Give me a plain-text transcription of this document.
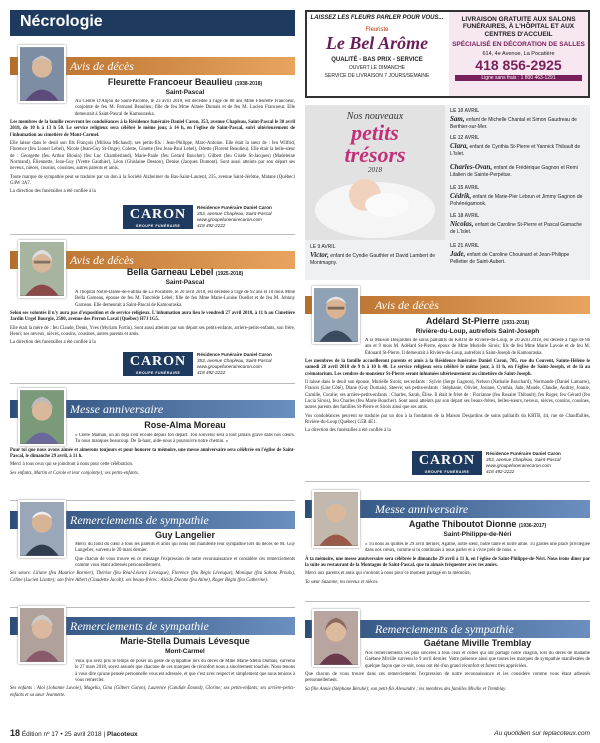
Nécrologie	LAISSEZ LES FLEURS PARLER POUR VOUS...
Fleuriste
Le Bel Arôme
QUALITÉ - BAS PRIX - SERVICE
OUVERT LE DIMANCHE
SERVICE DE LIVRAISON 7 JOURS/SEMAINE
LIVRAISON GRATUITE AUX SALONS FUNÉRAIRES, À L'HÔPITAL ET AUX CENTRES D'ACCUEIL
SPÉCIALISÉ EN DÉCORATION DE SALLES
614, 4e Avenue, La Pocatière
418 856-2925
Ligne sans frais : 1 800 463-1291
Avis de décès
Fleurette Francoeur Beaulieu (1938-2018)
Saint-Pascal

Au Centre D'Anjou de Saint-Pacôme, le 23 avril 2018, est décédée à l'âge de 80 ans Mme Fleurette Francoeur, conjointe de feu M. Fernand Beaulieu; fille de feu Mme Aimée Dumais et de feu M. Lucien Francoeur. Elle demeurait à Saint-Pascal de Kamouraska.

Les membres de la famille recevront les condoléances à la Résidence funéraire Daniel Caron, 353, avenue Chapleau, Saint-Pascal le 30 avril 2018, de 10 h à 13 h 50. Le service religieux sera célébré le même jour, à 14 h, en l'église de Saint-Pascal, suivi ultérieurement de l'inhumation au cimetière de Mont-Carmel.

Elle laisse dans le deuil son fils François (Milissa Michaud); ses petits-fils : Jean-Philippe, Marc-Antoine. Elle était la sœur de : feu Wilfrid, Florence (feu Lionel Lebel), Nicole (Jean-Guy St-Onge), Colette, Ginette (feu Jean-Paul Lebel), Odette (Florent Beaulieu). Elle était la belle-sœur de : Georgette (feu Arthur Blouin) (feu Luc Chamberland), Marie-Paule (feu Gérard Boucher). Gilbert (feu Gisèle St-Jacques) (Madeleine Normand), Éliennette, Jean-Guy (Yvette Gauthier), Léon (Ghislaine Desson), Denise (Jacques Dumont). Sont aussi atteints par son départ ses neveux, nièces, cousins, cousines, autres parents et amis.

Toute marque de sympathie peut se traduire par un don à la Société Alzheimer du Bas-Saint-Laurent, 235, avenue Saint-Jérôme, Matane (Québec) G4W 3A7.

La direction des funérailles a été confiée à la

CARON
GROUPE FUNÉRAIRE
Résidence Funéraire Daniel Caron
353, avenue Chapleau, Saint-Pascal
www.groupefunerairecaron.com
418 492-2222
Avis de décès
Bella Garneau Lebel (1925-2018)
Saint-Pascal

À l'hôpital Notre-Dame-de-Fatima de La Pocatière, le 20 avril 2018, est décédée à l'âge de 92 ans et 10 mois Mme Bella Garneau, épouse de feu M. Tancrède Lebel; fille de feu Mme Marie-Louise Ouellet et de feu M. Johnny Garneau. Elle demeurait à Saint-Pascal de Kamouraska.

Selon ses volontés il n'y aura pas d'exposition et de service religieux. L'inhumation aura lieu le vendredi 27 avril 2018, à 11 h au Cimetière Jardin Urgel Bourgie, 2500, avenue des Perron Laval (Québec) H7J 1G5.

Elle était la mère de : feu Claude, Denis, Yves (Myriam Fortin). Sont aussi atteints par son départ ses petits-enfants, arrière-petits-enfants, son frère, Henri; ses neveux, nièces, cousins, cousines, autres parents et amis.

La direction des funérailles a été confiée à la

CARON
GROUPE FUNÉRAIRE
Résidence Funéraire Daniel Caron
353, avenue Chapleau, Saint-Pascal
www.groupefunerairecaron.com
418 492-2222
Messe anniversaire
Rose-Alma Moreau

« Chère Maman, un an déjà s'est écoulé depuis ton départ. Ton souvenir sera à tout jamais gravé dans nos cœurs. Tu nous manques beaucoup. De là-haut, aide-nous à poursuivre notre chemin. »

Pour toi que nous avons aimée et aimerons toujours et pour honorer ta mémoire, une messe anniversaire sera célébrée en l'église de Saint-Pascal, le dimanche 29 avril, à 11 h.

Merci à tous ceux qui se joindront à nous pour cette célébration.

Ses enfants, Martin et Carole et leur conjoint(e); ses petits-enfants.

Remerciements de sympathie
Guy Langelier

Merci du fond du cœur à tous les parents et amis qui nous ont manifesté leur sympathie lors du décès de M. Guy Langelier, survenu le 20 mars dernier.

Que chacun de vous trouve en ce message l'expression de notre reconnaissance et considère ces remerciements comme vous étant adressés personnellement.

Ses sœurs: Liliane (feu Maurice Barnier), Thérèse (feu Réal-Léonce Lévesque), Florence (feu Régis Lévesque), Monique (feu Sabota Proulx), Céline (Lucien Lizotte); son frère Albert (Claudette Jacob); ses beaux-frères : Alcide Dionne (feu Aline), Roger Bégin (feu Catherine).

Remerciements de sympathie
Marie-Stella Dumais Lévesque
Mont-Carmel

Vous qui avez pris le temps de poser un geste de sympathie lors du décès de Mme Marie-Stella Dumais, survenu le 27 mars 2018, soyez assurés que chacune de ces marques de réconfort nous a sincèrement touchés. Nous tenons à vous dire qu'une pensée personnelle vous est adressée, et que c'est avec respect et simplement que nous tenions à vous remercier.

Ses enfants : Aloï (Johanne Lavoie), Magella, Gina (Gilbert Garon), Laurence (Candide Émond), Glorine; ses petits-enfants; ses arrière-petits-enfants et sa sœur Jeannette.

Nos nouveaux
petits
trésors
2018
LE 9 AVRIL
Victor, enfant de Cyndie Gauthier et David Lambert de Montmagny.
LE 10 AVRIL
Sam, enfant de Michelle Chantal et Simon Gaudreau de Berthier-sur-Mer.
LE 12 AVRIL
Clara, enfant de Cynthia St-Pierre et Yannick Thibault de L'Islet.
Charles-Ovan, enfant de Frédérique Gagnon et Remi Litalien de Sainte-Perpétue.
LE 15 AVRIL
Cédrik, enfant de Marie-Pier Lebrun et Jimmy Gagnon de Pohénégamook.
LE 18 AVRIL
Nicolas, enfant de Caroline St-Pierre et Pascal Gamache de L'Islet.
LE 21 AVRIL
Jade, enfant de Caroline Chouinard et Jean-Philippe Pelletier de Saint-Aubert.
Avis de décès
Adélard St-Pierre (1931-2018)
Rivière-du-Loup, autrefois Saint-Joseph

À la Maison Desjardins de soins palliatifs du KRTB de Rivière-du-Loup, le 20 avril 2018, est décédé à l'âge de 86 ans et 9 mois M. Adélard St-Pierre, époux de Mme Murielle Sirois; fils de feu Mme Marie Lavoie et de feu M. Édouard St-Pierre. Il demeurait à Rivière-du-Loup, autrefois à Saint-Joseph de Kamouraska.

Les membres de la famille accueilleront parents et amis à la Résidence funéraire Daniel Caron, 705, rue du Couvent, Sainte-Hélène le samedi 28 avril 2018 de 9 h à 10 h 40. Le service religieux sera célébré le même jour, à 11 h, en l'église de Saint-Joseph, et de là au crématorium. Les cendres de monsieur St-Pierre seront inhumées ultérieurement au cimetière de Saint-Joseph.

Il laisse dans le deuil son épouse, Murielle Sirois; ses enfants : Sylvie (Serge Gagnon), Nelson (Nathalie Bouchard), Normande (Daniel Lamarre), Francis (Lise Côté), Diane (Guy Dumais), Steeve; ses petits-enfants : Stéphanie, Olivier, Josiane, Cynthia, Jade, Maude, Claudie, Audrey, Joanie, Camille, Coralie; ses arrière-petits-enfants : Charles, Sarah, Élise. Il était le frère de : Florianne (feu Rosaire Thibault), feu Roger, feu Gérard (feu Lucia Sirois), feu Charles (feu Marie Boucher). Sont aussi atteints par son départ ses beaux-frères, belles-sœurs, neveux, nièces, cousins, cousines, autres parents des familles St-Pierre et Sirois ainsi que ses amis.

Vos condoléances peuvent se traduire par un don à la fondation de la Maison Desjardins de soins palliatifs du KRTB, 44, rue de Chauffailles, Rivière-du-Loup (Québec) G5R 4E1.

La direction des funérailles a été confiée à la

CARON
GROUPE FUNÉRAIRE
Résidence Funéraire Daniel Caron
353, avenue Chapleau, Saint-Pascal
www.groupefunerairecaron.com
418 492-2222
Messe anniversaire
Agathe Thiboutot Dionne (1936-2017)
Saint-Philippe-de-Néri

« Tu nous as quittés le 29 avril dernier, Agathe, notre sœur, notre tante et notre amie. Tu gardes une place privilégiée dans nos cœurs, comme si tu continuais à nous parler et à vivre près de nous. »

À ta mémoire, une messe anniversaire sera célébrée le dimanche 29 avril à 11 h, en l'église de Saint-Philippe-de-Néri. Nous irons diner par la suite au restaurant de la Montagne de Saint-Pascal, que tu aimais fréquenter avec tes amies.

Merci aux parents et amis qui s'uniront à nous pour ce moment partagé en ta mémoire,

Ta sœur Suzanne, tes neveux et nièces.

Remerciements de sympathie
Gaétane Miville Tremblay

Nos remerciements les plus sincères à tous ceux et celles qui ont partagé notre chagrin, lors du décès de madame Gaétane Miville survenu le 9 avril dernier. Votre présence ainsi que toutes les marques de sympathie manifestées de quelque façon que ce soit, nous ont été d'un grand réconfort et furent très appréciées.

Que chacun de vous trouve dans ces remerciements l'expression de notre reconnaissance et les considère comme vous étant adressés personnellement.

Sa fille Annie (Stéphane Bérubé); son petit-fils Alexandre ; les membres des familles Miville et Tremblay.

18 Édition nº 17 • 25 avril 2018 | Placoteux	Au quotidien sur leplacoteux.com
